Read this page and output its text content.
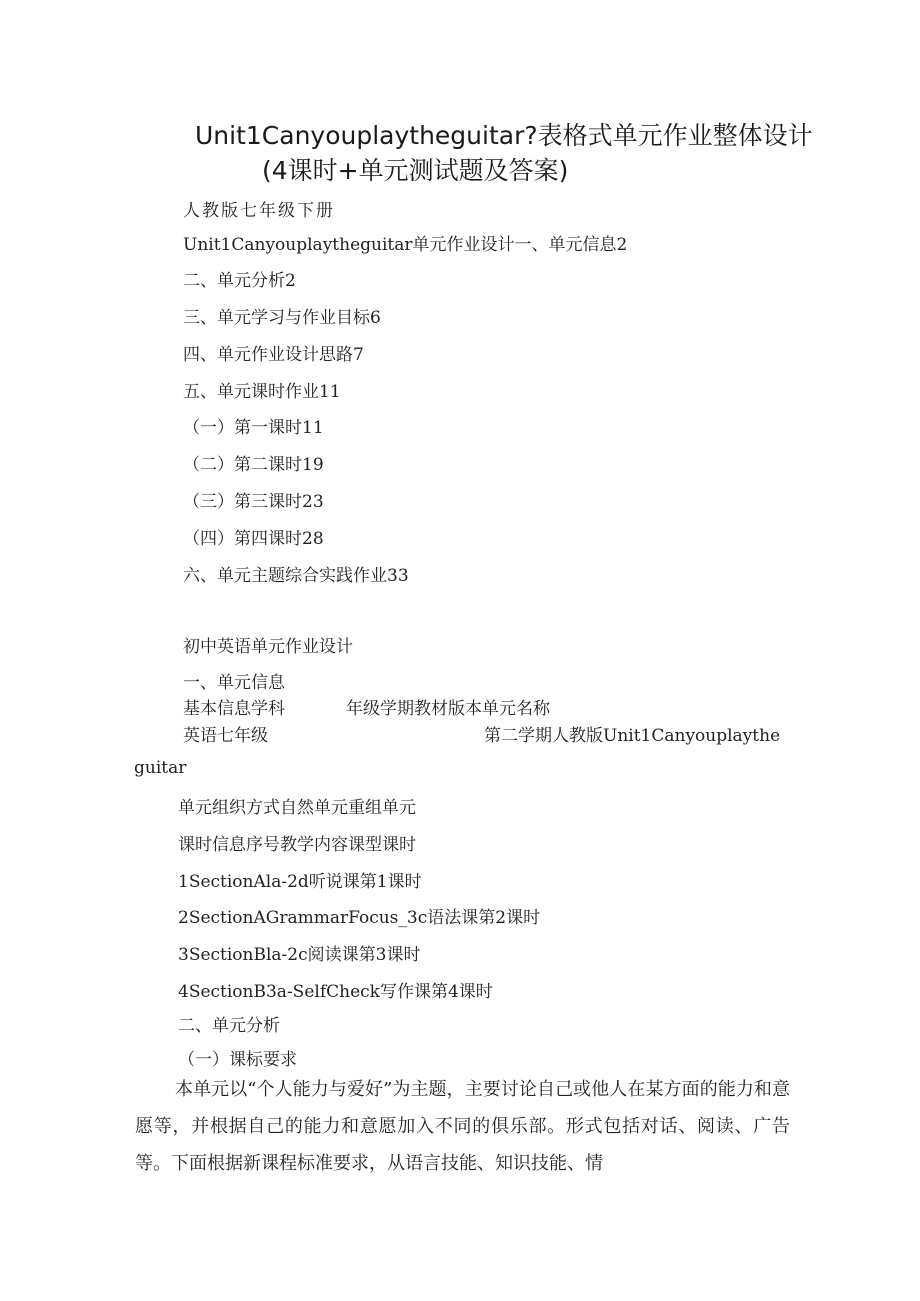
Unit1Canyouplaytheguitar?表格式单元作业整体设计
(4课时+单元测试题及答案)
人教版七年级下册
Unit1Canyouplaytheguitar单元作业设计一、单元信息2
二、单元分析2
三、单元学习与作业目标6
四、单元作业设计思路7
五、单元课时作业11
（一）第一课时11
（二）第二课时19
（三）第三课时23
（四）第四课时28
六、单元主题综合实践作业33
初中英语单元作业设计
一、单元信息
基本信息学科	年级学期教材版本单元名称
英语七年级	第二学期人教版Unit1Canyouplaythe
guitar
单元组织方式自然单元重组单元
课时信息序号教学内容课型课时
1SectionAla-2d听说课第1课时
2SectionAGrammarFocus_3c语法课第2课时
3SectionBla-2c阅读课第3课时
4SectionB3a-SelfCheck写作课第4课时
二、单元分析
（一）课标要求
本单元以“个人能力与爱好”为主题，主要讨论自己或他人在某方面的能力和意愿等，并根据自己的能力和意愿加入不同的俱乐部。形式包括对话、阅读、广告等。下面根据新课程标准要求，从语言技能、知识技能、情
